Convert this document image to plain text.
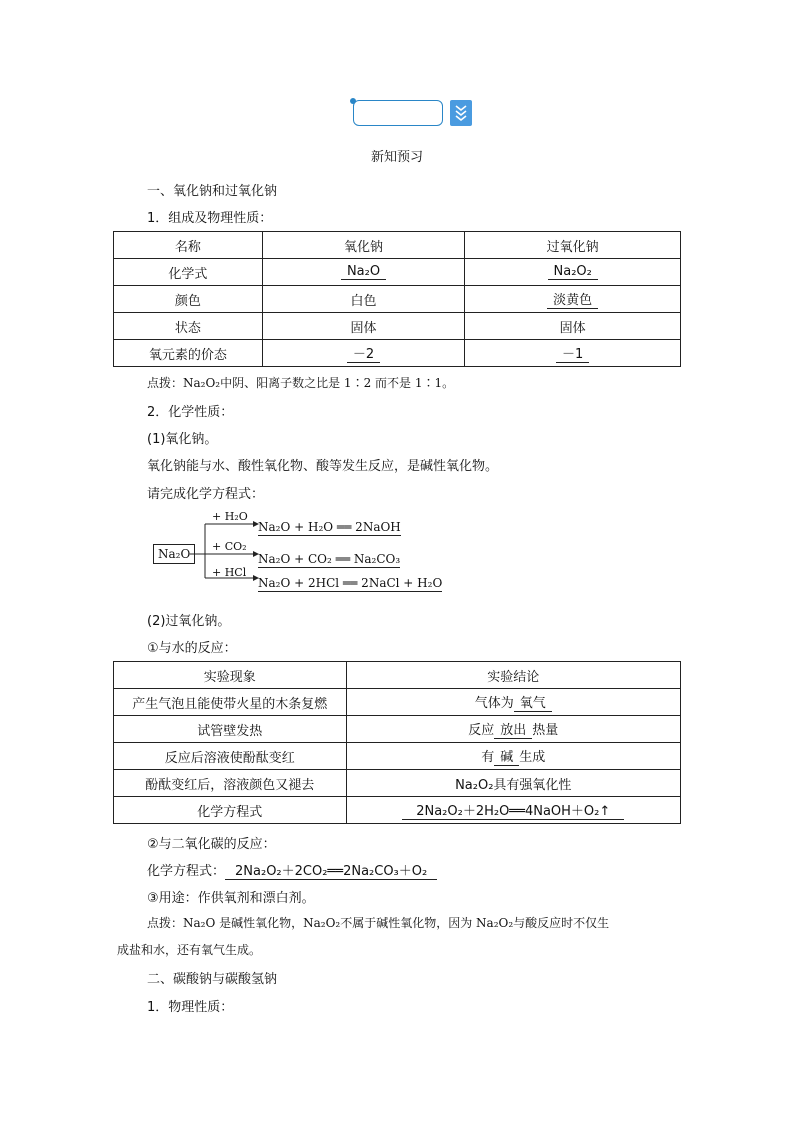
新知预习
一、氧化钠和过氧化钠
1．组成及物理性质：
名称	氧化钠	过氧化钠
化学式	Na₂O	Na₂O₂
颜色	白色	淡黄色
状态	固体	固体
氧元素的价态	－2	－1
点拨：Na₂O₂中阴、阳离子数之比是 1∶2 而不是 1∶1。
2．化学性质：
(1)氧化钠。
氧化钠能与水、酸性氧化物、酸等发生反应，是碱性氧化物。
请完成化学方程式：
Na₂O
+ H₂O
+ CO₂
+ HCl
Na₂O + H₂O ══ 2NaOH
Na₂O + CO₂ ══ Na₂CO₃
Na₂O + 2HCl ══ 2NaCl + H₂O
(2)过氧化钠。
①与水的反应：
实验现象	实验结论
产生气泡且能使带火星的木条复燃	气体为 氧气
试管壁发热	反应 放出 热量
反应后溶液使酚酞变红	有 碱 生成
酚酞变红后，溶液颜色又褪去	Na₂O₂具有强氧化性
化学方程式	2Na₂O₂＋2H₂O══4NaOH＋O₂↑
②与二氧化碳的反应：
化学方程式： 2Na₂O₂＋2CO₂══2Na₂CO₃＋O₂
③用途：作供氧剂和漂白剂。
点拨：Na₂O 是碱性氧化物，Na₂O₂不属于碱性氧化物，因为 Na₂O₂与酸反应时不仅生
成盐和水，还有氧气生成。
二、碳酸钠与碳酸氢钠
1．物理性质：
